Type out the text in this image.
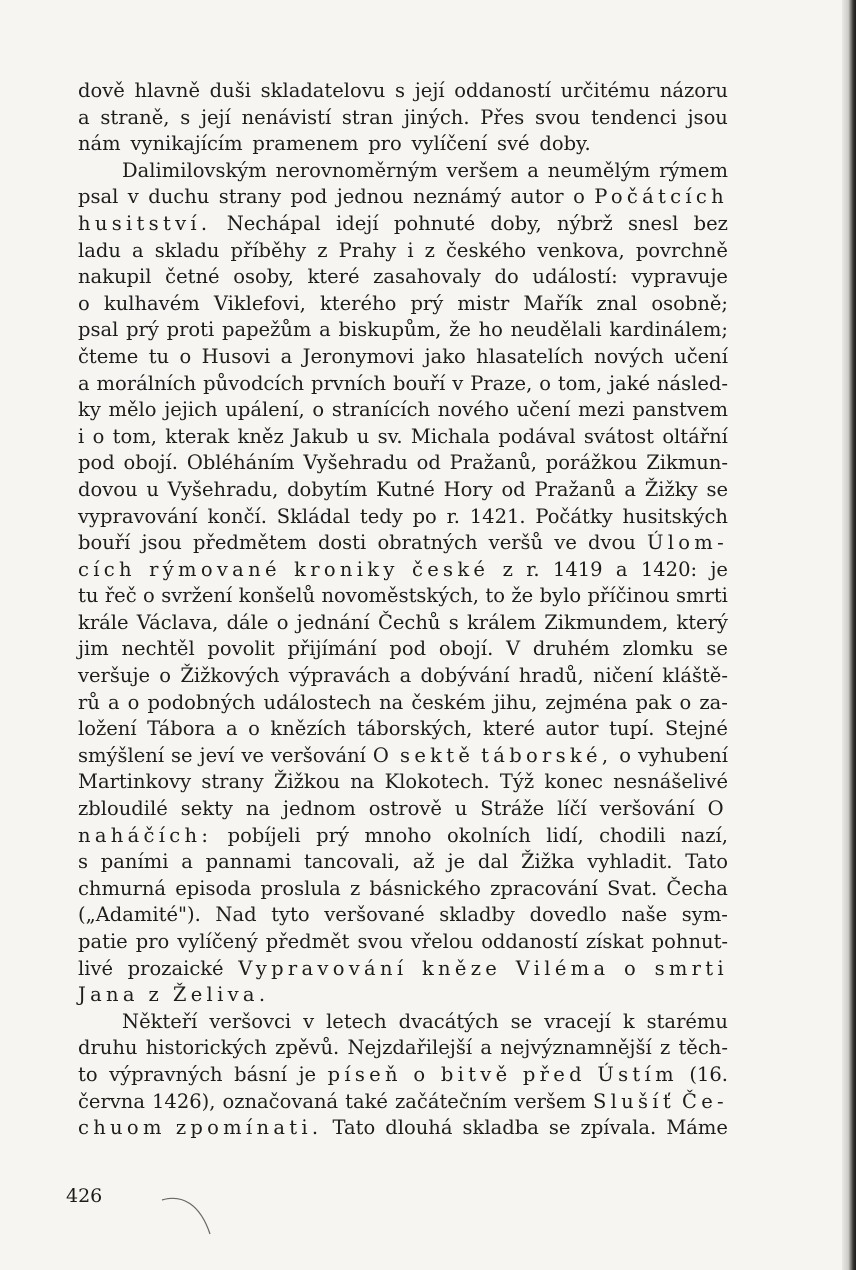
dově hlavně duši skladatelovu s její oddaností určitému názoru
a straně, s její nenávistí stran jiných. Přes svou tendenci jsou
nám vynikajícím pramenem pro vylíčení své doby.
Dalimilovským nerovnoměrným veršem a neumělým rýmem
psal v duchu strany pod jednou neznámý autor o Počátcích
husitství. Nechápal idejí pohnuté doby, nýbrž snesl bez
ladu a skladu příběhy z Prahy i z českého venkova, povrchně
nakupil četné osoby, které zasahovaly do událostí: vypravuje
o kulhavém Viklefovi, kterého prý mistr Mařík znal osobně;
psal prý proti papežům a biskupům, že ho neudělali kardinálem;
čteme tu o Husovi a Jeronymovi jako hlasatelích nových učení
a morálních původcích prvních bouří v Praze, o tom, jaké násled-
ky mělo jejich upálení, o stranících nového učení mezi panstvem
i o tom, kterak kněz Jakub u sv. Michala podával svátost oltářní
pod obojí. Obléháním Vyšehradu od Pražanů, porážkou Zikmun-
dovou u Vyšehradu, dobytím Kutné Hory od Pražanů a Žižky se
vypravování končí. Skládal tedy po r. 1421. Počátky husitských
bouří jsou předmětem dosti obratných veršů ve dvou Úlom-
cích rýmované kroniky české z r. 1419 a 1420: je
tu řeč o svržení konšelů novoměstských, to že bylo příčinou smrti
krále Václava, dále o jednání Čechů s králem Zikmundem, který
jim nechtěl povolit přijímání pod obojí. V druhém zlomku se
veršuje o Žižkových výpravách a dobývání hradů, ničení kláště-
rů a o podobných událostech na českém jihu, zejména pak o za-
ložení Tábora a o knězích táborských, které autor tupí. Stejné
smýšlení se jeví ve veršování O sektě táborské, o vyhubení
Martinkovy strany Žižkou na Klokotech. Týž konec nesnášelivé
zbloudilé sekty na jednom ostrově u Stráže líčí veršování O
naháčích: pobíjeli prý mnoho okolních lidí, chodili nazí,
s paními a pannami tancovali, až je dal Žižka vyhladit. Tato
chmurná episoda proslula z básnického zpracování Svat. Čecha
(„Adamité"). Nad tyto veršované skladby dovedlo naše sym-
patie pro vylíčený předmět svou vřelou oddaností získat pohnut-
livé prozaické Vypravování kněze Viléma o smrti
Jana z Želiva.
Někteří veršovci v letech dvacátých se vracejí k starému
druhu historických zpěvů. Nejzdařilejší a nejvýznamnější z těch-
to výpravných básní je píseň o bitvě před Ústím (16.
června 1426), označovaná také začátečním veršem Slušíť Če-
chuom zpomínati. Tato dlouhá skladba se zpívala. Máme
426
